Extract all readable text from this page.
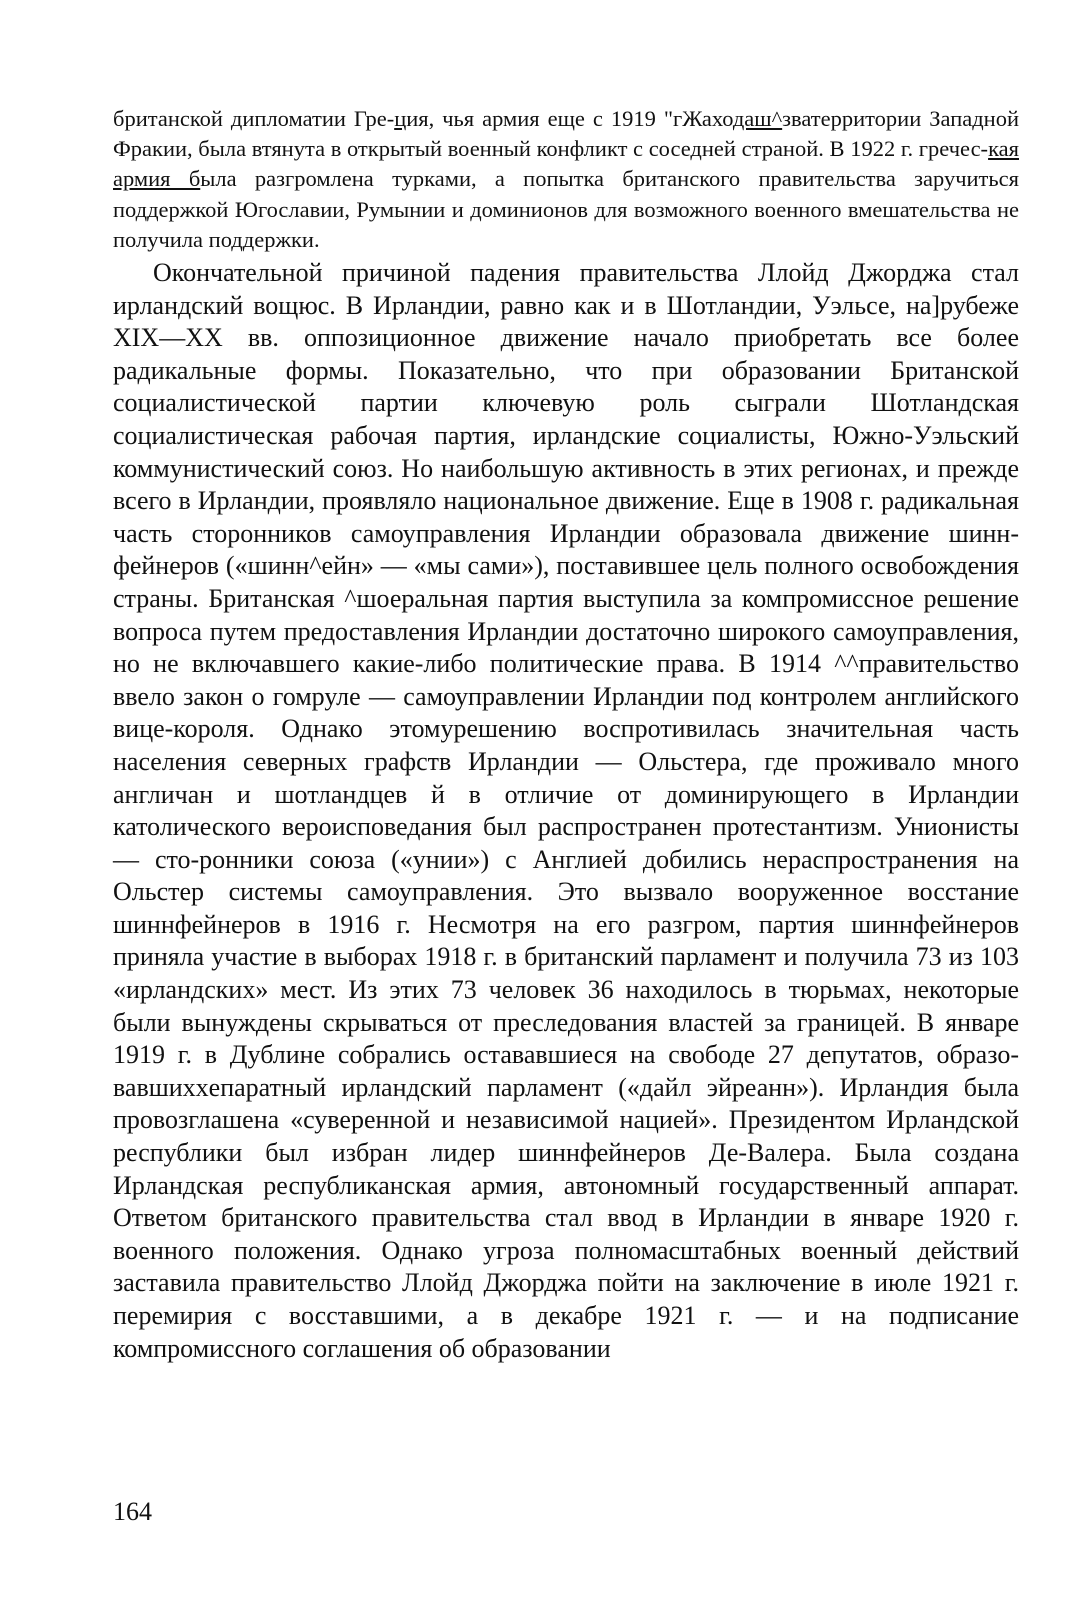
британской дипломатии Гре-ция, чья армия еще с 1919 "гЖаходаш^зватерритории Западной Фракии, была втянута в открытый военный конфликт с соседней страной. В 1922 г. гречес-кая армия была разгромлена турками, а попытка британского правительства заручиться поддержкой Югославии, Румынии и доминионов для возможного военного вмешательства не получила поддержки.

Окончательной причиной падения правительства Ллойд Джорджа стал ирландский вощюс. В Ирландии, равно как и в Шотландии, Уэльсе, на]рубеже XIX—XX вв. оппозиционное движение начало приобретать все более радикальные формы. Показательно, что при образовании Британской социалистической партии ключевую роль сыграли Шотландская социалистическая рабочая партия, ирландские социалисты, Южно-Уэльский коммунистический союз. Но наибольшую активность в этих регионах, и прежде всего в Ирландии, проявляло национальное движение. Еще в 1908 г. радикальная часть сторонников самоуправления Ирландии образовала движение шинн-фейнеров («шинн^ейн» — «мы сами»), поставившее цель полного освобождения страны. Британская ^шоеральная партия выступила за компромиссное решение вопроса путем предоставления Ирландии достаточно широкого самоуправления, но не включавшего какие-либо политические права. В 1914 ^^правительство ввело закон о гомруле — самоуправлении Ирландии под контролем английского вице-короля. Однако этомурешению воспротивилась значительная часть населения северных графств Ирландии — Ольстера, где проживало много англичан и шотландцев й в отличие от доминирующего в Ирландии католического вероисповедания был распространен протестантизм. Унионисты — сто-ронники союза («унии») с Англией добились нераспространения на Ольстер системы самоуправления. Это вызвало вооруженное восстание шиннфейнеров в 1916 г. Несмотря на его разгром, партия шиннфейнеров приняла участие в выборах 1918 г. в британский парламент и получила 73 из 103 «ирландских» мест. Из этих 73 человек 36 находилось в тюрьмах, некоторые были вынуждены скрываться от преследования властей за границей. В январе 1919 г. в Дублине собрались остававшиеся на свободе 27 депутатов, образо-вавшихxепаратный ирландский парламент («дайл эйреанн»). Ирландия была провозглашена «суверенной и независимой нацией». Президентом Ирландской республики был избран лидер шиннфейнеров Де-Валера. Была создана Ирландская республиканская армия, автономный государственный аппарат. Ответом британского правительства стал ввод в Ирландии в январе 1920 г. военного положения. Однако угроза полномасштабных военный действий заставила правительство Ллойд Джорджа пойти на заключение в июле 1921 г. перемирия с восставшими, а в декабре 1921 г. — и на подписание компромиссного соглашения об образовании

164
